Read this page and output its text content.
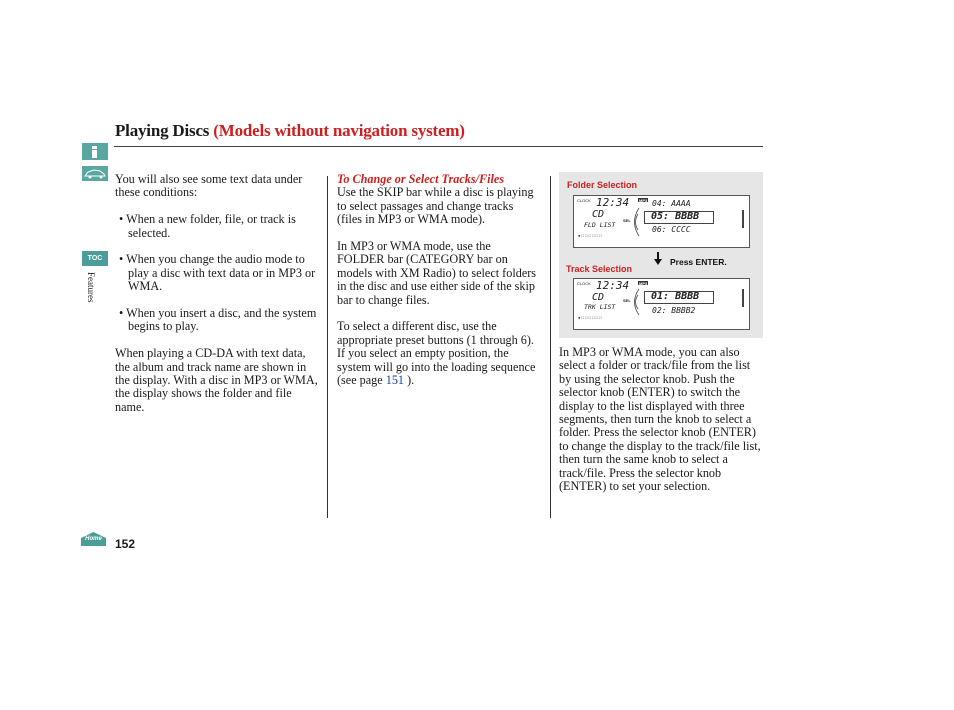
Playing Discs (Models without navigation system)
TOC
Features
Home	152

You will also see some text data under these conditions:

• When a new folder, file, or track is selected.

• When you change the audio mode to play a disc with text data or in MP3 or WMA.

• When you insert a disc, and the system begins to play.

When playing a CD-DA with text data, the album and track name are shown in the display. With a disc in MP3 or WMA, the display shows the folder and file name.

To Change or Select Tracks/Files

Use the SKIP bar while a disc is playing to select passages and change tracks (files in MP3 or WMA mode).

In MP3 or WMA mode, use the FOLDER bar (CATEGORY bar on models with XM Radio) to select folders in the disc and use either side of the skip bar to change files.

To select a different disc, use the appropriate preset buttons (1 through 6). If you select an empty position, the system will go into the loading sequence (see page 151 ).

Folder Selection
CLOCK 12:34
CD
FLD LIST
● □ □ □ □ □ □
SEL
MP3 04: AAAA
05: BBBB
06: CCCC
Press ENTER.
Track Selection
CLOCK 12:34
CD
TRK LIST
● □ □ □ □ □ □
SEL
MP3
01: BBBB
02: BBBB2

In MP3 or WMA mode, you can also select a folder or track/file from the list by using the selector knob. Push the selector knob (ENTER) to switch the display to the list displayed with three segments, then turn the knob to select a folder. Press the selector knob (ENTER) to change the display to the track/file list, then turn the same knob to select a track/file. Press the selector knob (ENTER) to set your selection.
